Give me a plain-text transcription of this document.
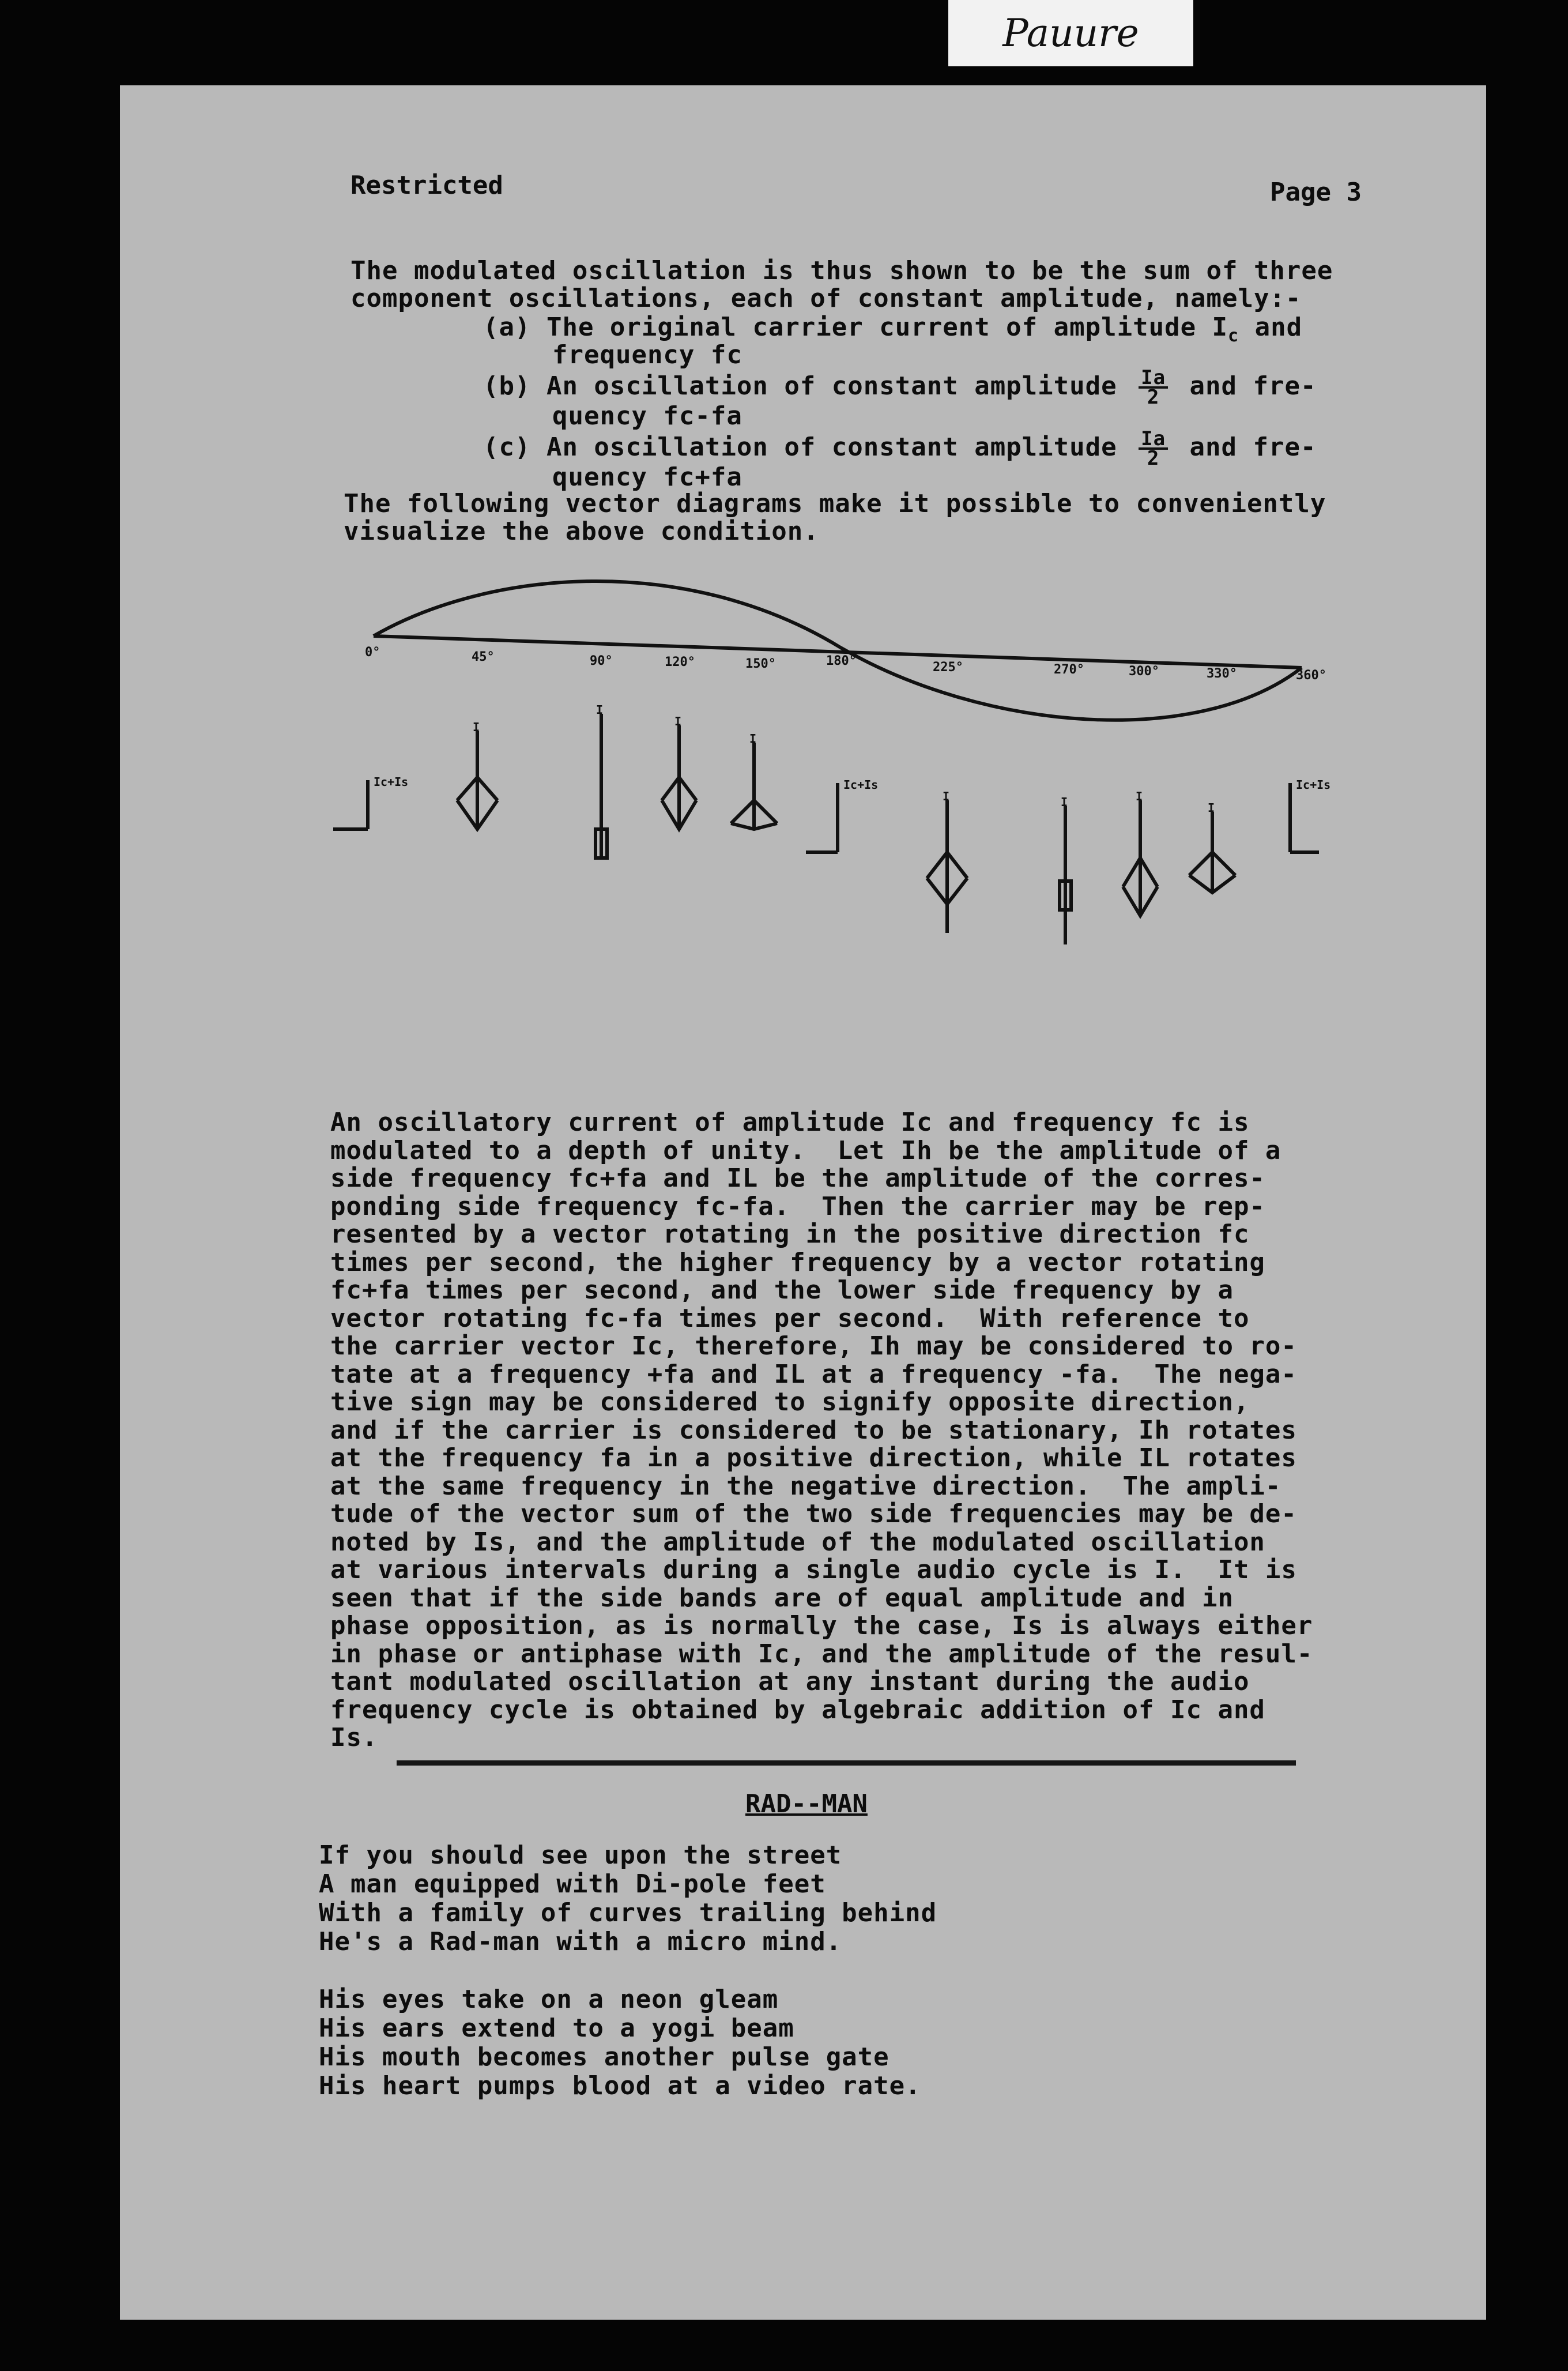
Pauure
Restricted	Page 3

The modulated oscillation is thus shown to be the sum of three

component oscillations, each of constant amplitude, namely:-

(a) The original carrier current of amplitude $I_c$ and
frequency fc
(b) An oscillation of constant amplitude $\frac{Ia}{2}$ and fre-
quency fc-fa
(c) An oscillation of constant amplitude $\frac{Ia}{2}$ and fre-
quency fc+fa

The following vector diagrams make it possible to conveniently

visualize the above condition.

0°	45°	90°	120°	150°	180°	225°	270°	300°	330°	360°
Ic+Is	Ic+Is	Ic+Is
I
I
I
I
I	I	I
I

An oscillatory current of amplitude Ic and frequency fc is

modulated to a depth of unity.  Let Ih be the amplitude of a

side frequency fc+fa and IL be the amplitude of the corres-

ponding side frequency fc-fa.  Then the carrier may be rep-

resented by a vector rotating in the positive direction fc

times per second, the higher frequency by a vector rotating

fc+fa times per second, and the lower side frequency by a

vector rotating fc-fa times per second.  With reference to

the carrier vector Ic, therefore, Ih may be considered to ro-

tate at a frequency +fa and IL at a frequency -fa.  The nega-

tive sign may be considered to signify opposite direction,

and if the carrier is considered to be stationary, Ih rotates

at the frequency fa in a positive direction, while IL rotates

at the same frequency in the negative direction.  The ampli-

tude of the vector sum of the two side frequencies may be de-

noted by Is, and the amplitude of the modulated oscillation

at various intervals during a single audio cycle is I.  It is

seen that if the side bands are of equal amplitude and in

phase opposition, as is normally the case, Is is always either

in phase or antiphase with Ic, and the amplitude of the resul-

tant modulated oscillation at any instant during the audio

frequency cycle is obtained by algebraic addition of Ic and

Is.

RAD--MAN
If you should see upon the street
A man equipped with Di-pole feet
With a family of curves trailing behind
He's a Rad-man with a micro mind.
His eyes take on a neon gleam
His ears extend to a yogi beam
His mouth becomes another pulse gate
His heart pumps blood at a video rate.
